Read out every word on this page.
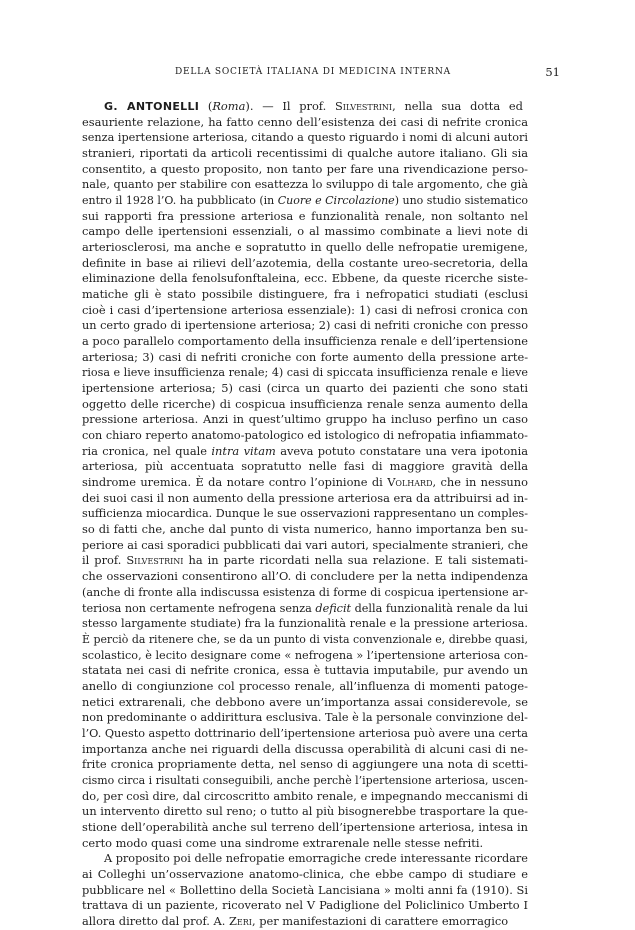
DELLA SOCIETÀ ITALIANA DI MEDICINA INTERNA	51
G. ANTONELLI (Roma). — Il prof. Silvestrini, nella sua dotta ed
esauriente relazione, ha fatto cenno dell’esistenza dei casi di nefrite cronica
senza ipertensione arteriosa, citando a questo riguardo i nomi di alcuni autori
stranieri, riportati da articoli recentissimi di qualche autore italiano. Gli sia
consentito, a questo proposito, non tanto per fare una rivendicazione perso-
nale, quanto per stabilire con esattezza lo sviluppo di tale argomento, che già
entro il 1928 l’O. ha pubblicato (in Cuore e Circolazione) uno studio sistematico
sui rapporti fra pressione arteriosa e funzionalità renale, non soltanto nel
campo delle ipertensioni essenziali, o al massimo combinate a lievi note di
arteriosclerosi, ma anche e sopratutto in quello delle nefropatie uremigene,
definite in base ai rilievi dell’azotemia, della costante ureo-secretoria, della
eliminazione della fenolsufonftaleina, ecc. Ebbene, da queste ricerche siste-
matiche gli è stato possibile distinguere, fra i nefropatici studiati (esclusi
cioè i casi d’ipertensione arteriosa essenziale): 1) casi di nefrosi cronica con
un certo grado di ipertensione arteriosa; 2) casi di nefriti croniche con presso
a poco parallelo comportamento della insufficienza renale e dell’ipertensione
arteriosa; 3) casi di nefriti croniche con forte aumento della pressione arte-
riosa e lieve insufficienza renale; 4) casi di spiccata insufficienza renale e lieve
ipertensione arteriosa; 5) casi (circa un quarto dei pazienti che sono stati
oggetto delle ricerche) di cospicua insufficienza renale senza aumento della
pressione arteriosa. Anzi in quest’ultimo gruppo ha incluso perfino un caso
con chiaro reperto anatomo-patologico ed istologico di nefropatia infiammato-
ria cronica, nel quale intra vitam aveva potuto constatare una vera ipotonia
arteriosa, più accentuata sopratutto nelle fasi di maggiore gravità della
sindrome uremica. È da notare contro l’opinione di Volhard, che in nessuno
dei suoi casi il non aumento della pressione arteriosa era da attribuirsi ad in-
sufficienza miocardica. Dunque le sue osservazioni rappresentano un comples-
so di fatti che, anche dal punto di vista numerico, hanno importanza ben su-
periore ai casi sporadici pubblicati dai vari autori, specialmente stranieri, che
il prof. Silvestrini ha in parte ricordati nella sua relazione. E tali sistemati-
che osservazioni consentirono all’O. di concludere per la netta indipendenza
(anche di fronte alla indiscussa esistenza di forme di cospicua ipertensione ar-
teriosa non certamente nefrogena senza deficit della funzionalità renale da lui
stesso largamente studiate) fra la funzionalità renale e la pressione arteriosa.
È perciò da ritenere che, se da un punto di vista convenzionale e, direbbe quasi,
scolastico, è lecito designare come « nefrogena » l’ipertensione arteriosa con-
statata nei casi di nefrite cronica, essa è tuttavia imputabile, pur avendo un
anello di congiunzione col processo renale, all’influenza di momenti patoge-
netici extrarenali, che debbono avere un’importanza assai considerevole, se
non predominante o addirittura esclusiva. Tale è la personale convinzione del-
l’O. Questo aspetto dottrinario dell’ipertensione arteriosa può avere una certa
importanza anche nei riguardi della discussa operabilità di alcuni casi di ne-
frite cronica propriamente detta, nel senso di aggiungere una nota di scetti-
cismo circa i risultati conseguibili, anche perchè l’ipertensione arteriosa, uscen-
do, per così dire, dal circoscritto ambito renale, e impegnando meccanismi di
un intervento diretto sul reno; o tutto al più bisognerebbe trasportare la que-
stione dell’operabilità anche sul terreno dell’ipertensione arteriosa, intesa in
certo modo quasi come una sindrome extrarenale nelle stesse nefriti.
A proposito poi delle nefropatie emorragiche crede interessante ricordare
ai Colleghi un’osservazione anatomo-clinica, che ebbe campo di studiare e
pubblicare nel « Bollettino della Società Lancisiana » molti anni fa (1910). Si
trattava di un paziente, ricoverato nel V Padiglione del Policlinico Umberto I
allora diretto dal prof. A. Zeri, per manifestazioni di carattere emorragico
